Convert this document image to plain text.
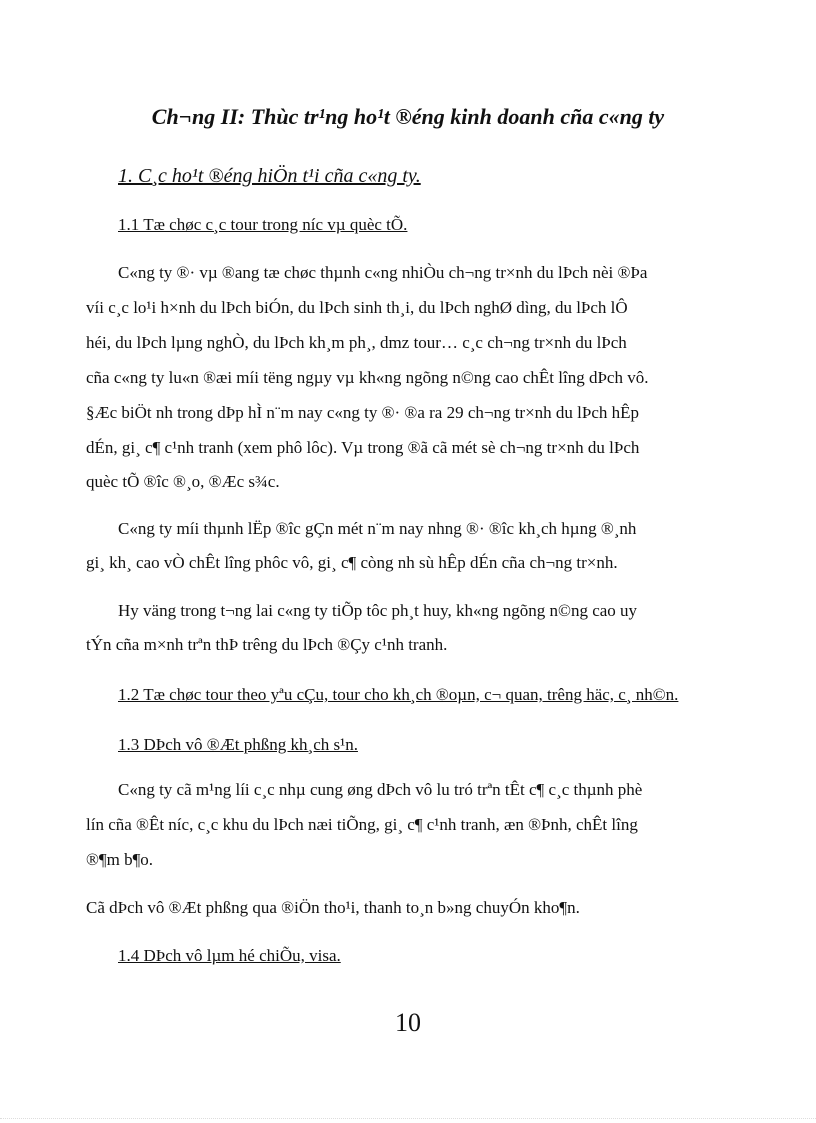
Ch¬ng II: Thùc tr¹ng ho¹t ®éng kinh doanh cña c«ng ty
1. C¸c ho¹t ®éng hiÖn t¹i cña c«ng ty.
1.1 Tæ chøc c¸c tour trong níc vµ quèc tÕ.
C«ng ty ®· vµ ®ang tæ chøc thµnh c«ng nhiÒu ch¬ng tr×nh du lÞch nèi ®Þa
víi c¸c lo¹i h×nh du lÞch biÓn, du lÞch sinh th¸i, du lÞch nghØ dìng, du lÞch lÔ
héi, du lÞch lµng nghÒ, du lÞch kh¸m ph¸, dmz tour… c¸c ch¬ng tr×nh du lÞch
cña c«ng ty lu«n ®æi míi tëng ngµy vµ kh«ng ngõng n©ng cao chÊt lîng dÞch vô.
§Æc biÖt nh trong dÞp hÌ n¨m nay c«ng ty ®· ®a ra 29 ch¬ng tr×nh du lÞch hÊp
dÉn, gi¸ c¶ c¹nh tranh (xem phô lôc). Vµ trong ®ã cã mét sè ch¬ng tr×nh du lÞch
quèc tÕ ®îc ®¸o, ®Æc s¾c.
C«ng ty míi thµnh lËp ®îc gÇn mét n¨m nay nhng ®· ®îc kh¸ch hµng ®¸nh
gi¸ kh¸ cao vÒ chÊt lîng phôc vô, gi¸ c¶ còng nh sù hÊp dÉn cña ch¬ng tr×nh.
Hy väng trong t¬ng lai c«ng ty tiÕp tôc ph¸t huy, kh«ng ngõng n©ng cao uy
tÝn cña m×nh trªn thÞ trêng du lÞch ®Çy c¹nh tranh.
1.2 Tæ chøc tour theo yªu cÇu, tour cho kh¸ch ®oµn, c¬ quan, trêng häc, c¸ nh©n.
1.3 DÞch vô ®Æt phßng kh¸ch s¹n.
C«ng ty cã m¹ng líi c¸c nhµ cung øng dÞch vô lu tró trªn tÊt c¶ c¸c thµnh phè
lín cña ®Êt níc, c¸c khu du lÞch næi tiÕng, gi¸ c¶ c¹nh tranh, æn ®Þnh, chÊt lîng
®¶m b¶o.
Cã dÞch vô ®Æt phßng qua ®iÖn tho¹i, thanh to¸n b»ng chuyÓn kho¶n.
1.4 DÞch vô lµm hé chiÕu, visa.
10
